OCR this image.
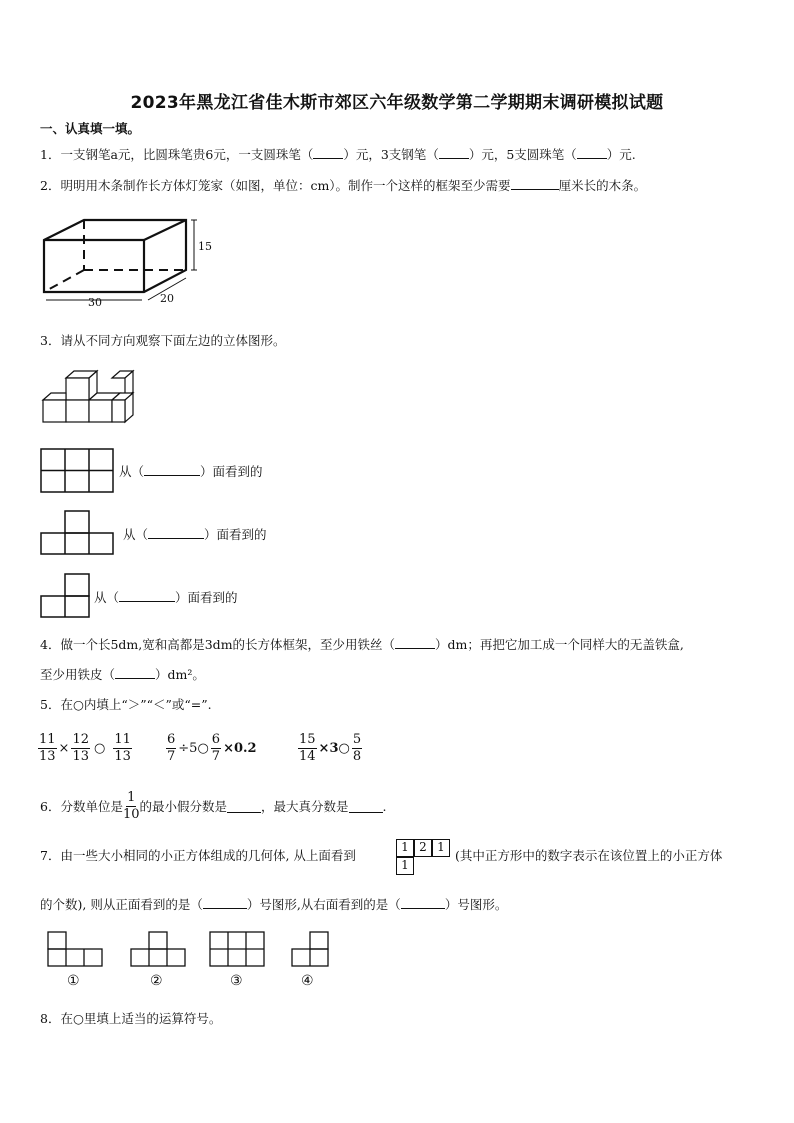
2023年黑龙江省佳木斯市郊区六年级数学第二学期期末调研模拟试题
一、认真填一填。
1．一支钢笔a元，比圆珠笔贵6元，一支圆珠笔（ ）元，3支钢笔（ ）元，5支圆珠笔（ ）元.
2．明明用木条制作长方体灯笼家（如图，单位：cm）。制作一个这样的框架至少需要	厘米长的木条。
15
30	20
3．请从不同方向观察下面左边的立体图形。
从（	）面看到的
从（	）面看到的
从（	）面看到的
4．做一个长5dm,宽和高都是3dm的长方体框架，至少用铁丝（	）dm；再把它加工成一个同样大的无盖铁盒,
至少用铁皮（	）dm²。
5．在○内填上“＞”“＜”或“=”.
$\frac{11}{13} \times \frac{12}{13}$ ○ $\frac{11}{13}$	$\frac{6}{7}$ ÷5○ $\frac{6}{7} \times 0.2$	$\frac{15}{14}$ ×3○ $\frac{5}{8}$
6．分数单位是 $\frac{1}{10}$ 的最小假分数是	，最大真分数是	.
7．由一些大小相同的小正方体组成的几何体, 从上面看到
1 2 1
1
(其中正方形中的数字表示在该位置上的小正方体
的个数), 则从正面看到的是（	）号图形,从右面看到的是（	）号图形。
①	②	③	④
8．在○里填上适当的运算符号。
